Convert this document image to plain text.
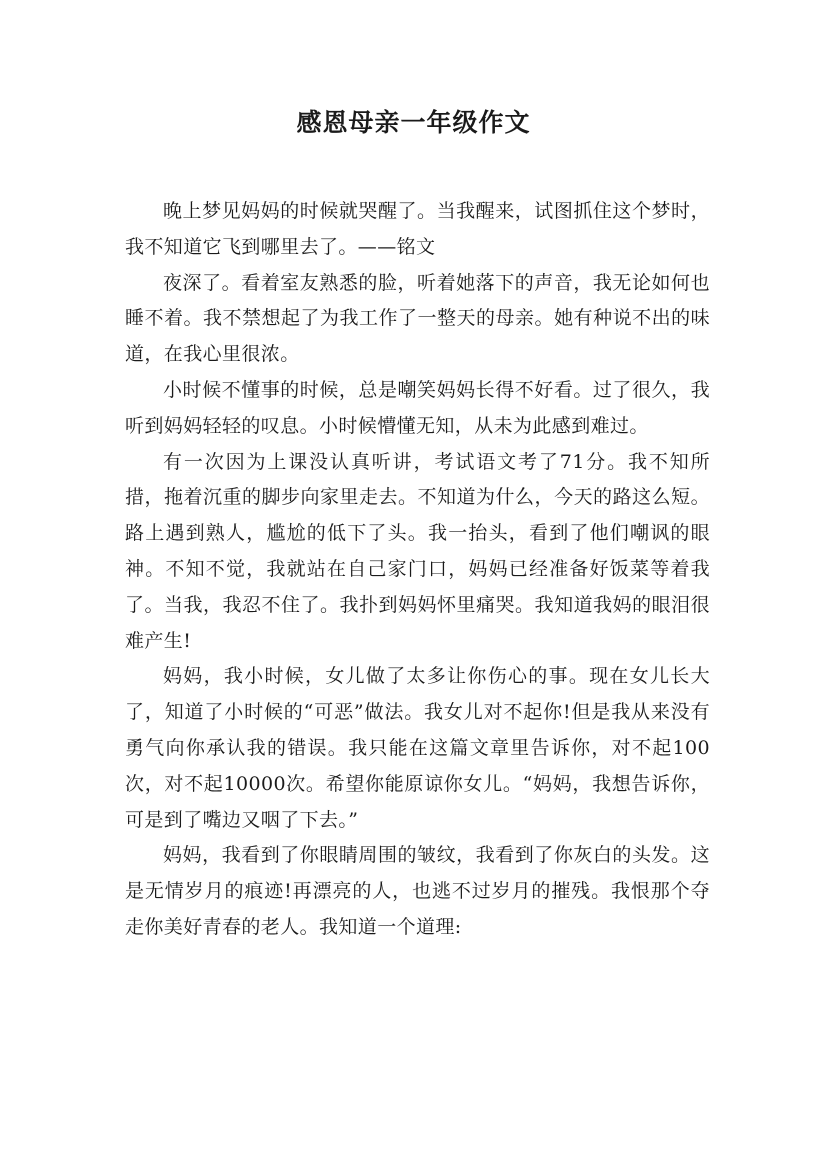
感恩母亲一年级作文

晚上梦见妈妈的时候就哭醒了。当我醒来，试图抓住这个梦时，我不知道它飞到哪里去了。——铭文

夜深了。看着室友熟悉的脸，听着她落下的声音，我无论如何也睡不着。我不禁想起了为我工作了一整天的母亲。她有种说不出的味道，在我心里很浓。

小时候不懂事的时候，总是嘲笑妈妈长得不好看。过了很久，我听到妈妈轻轻的叹息。小时候懵懂无知，从未为此感到难过。

有一次因为上课没认真听讲，考试语文考了71分。我不知所措，拖着沉重的脚步向家里走去。不知道为什么，今天的路这么短。路上遇到熟人，尴尬的低下了头。我一抬头，看到了他们嘲讽的眼神。不知不觉，我就站在自己家门口，妈妈已经准备好饭菜等着我了。当我，我忍不住了。我扑到妈妈怀里痛哭。我知道我妈的眼泪很难产生!

妈妈，我小时候，女儿做了太多让你伤心的事。现在女儿长大了，知道了小时候的“可恶”做法。我女儿对不起你!但是我从来没有勇气向你承认我的错误。我只能在这篇文章里告诉你，对不起100次，对不起10000次。希望你能原谅你女儿。“妈妈，我想告诉你，可是到了嘴边又咽了下去。”

妈妈，我看到了你眼睛周围的皱纹，我看到了你灰白的头发。这是无情岁月的痕迹!再漂亮的人，也逃不过岁月的摧残。我恨那个夺走你美好青春的老人。我知道一个道理:
